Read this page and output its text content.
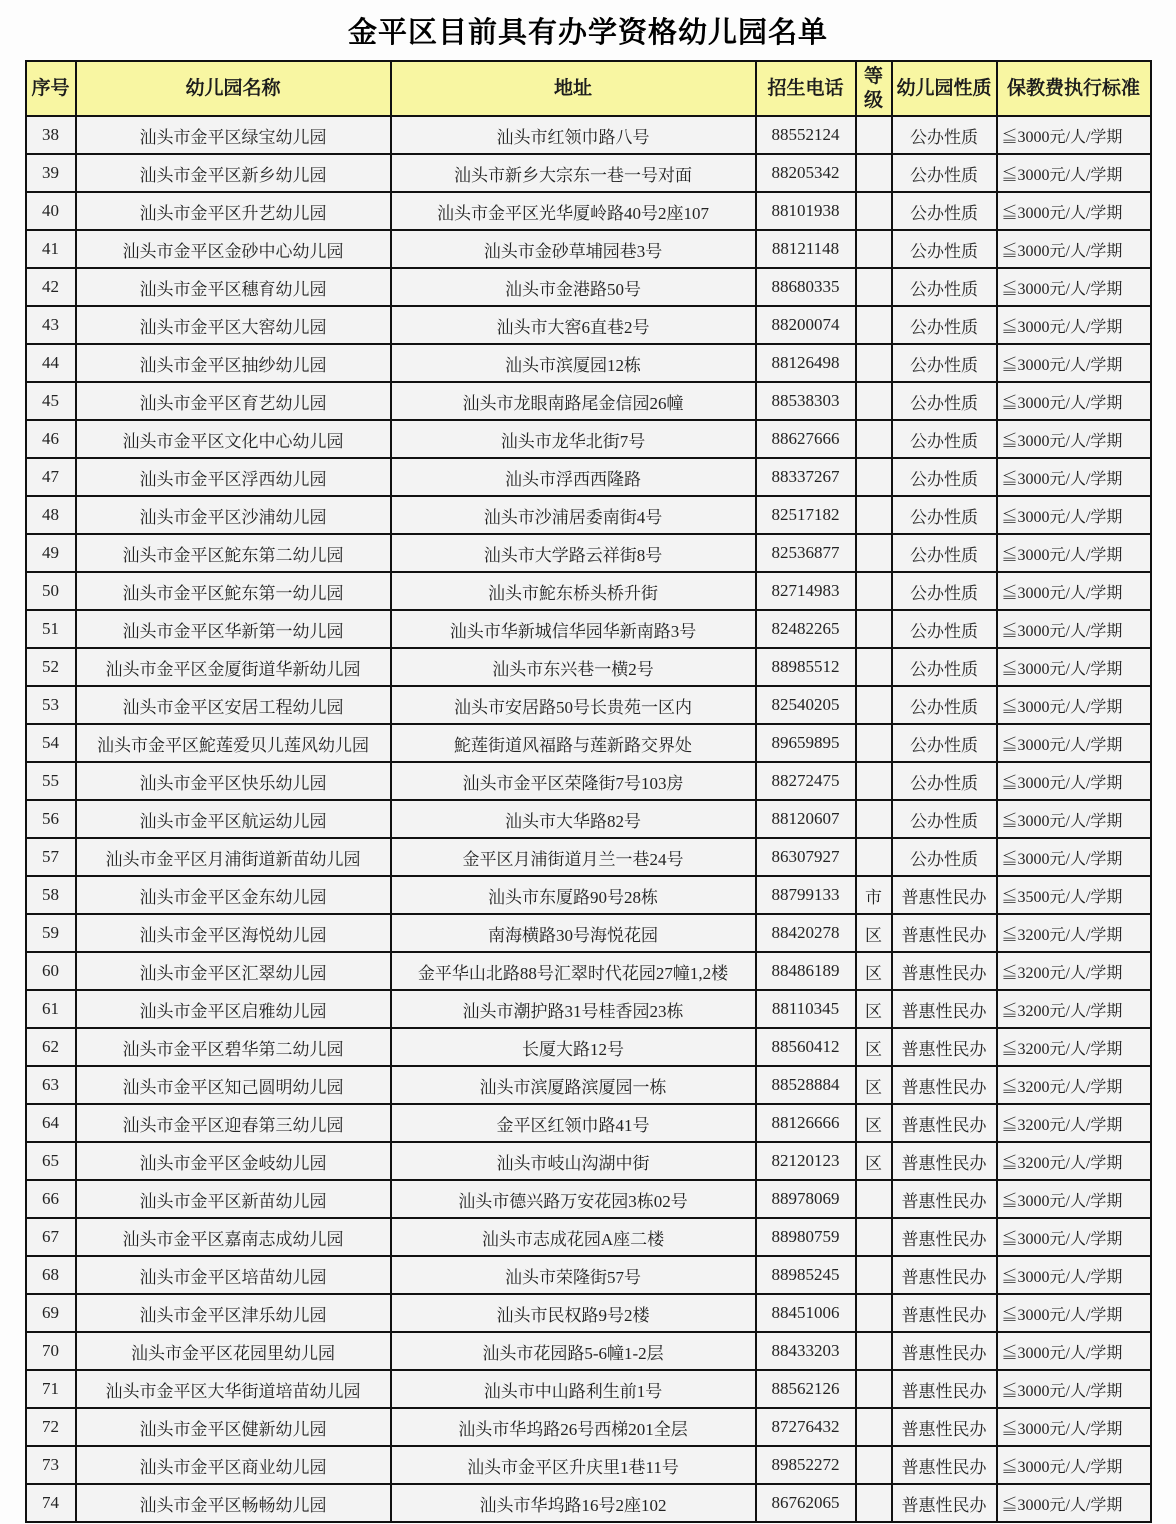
金平区目前具有办学资格幼儿园名单
序号	幼儿园名称	地址	招生电话	等级	幼儿园性质	保教费执行标准
38	汕头市金平区绿宝幼儿园	汕头市红领巾路八号	88552124		公办性质	≦3000元/人/学期
39	汕头市金平区新乡幼儿园	汕头市新乡大宗东一巷一号对面	88205342		公办性质	≦3000元/人/学期
40	汕头市金平区升艺幼儿园	汕头市金平区光华厦岭路40号2座107	88101938		公办性质	≦3000元/人/学期
41	汕头市金平区金砂中心幼儿园	汕头市金砂草埔园巷3号	88121148		公办性质	≦3000元/人/学期
42	汕头市金平区穗育幼儿园	汕头市金港路50号	88680335		公办性质	≦3000元/人/学期
43	汕头市金平区大窖幼儿园	汕头市大窖6直巷2号	88200074		公办性质	≦3000元/人/学期
44	汕头市金平区抽纱幼儿园	汕头市滨厦园12栋	88126498		公办性质	≦3000元/人/学期
45	汕头市金平区育艺幼儿园	汕头市龙眼南路尾金信园26幢	88538303		公办性质	≦3000元/人/学期
46	汕头市金平区文化中心幼儿园	汕头市龙华北街7号	88627666		公办性质	≦3000元/人/学期
47	汕头市金平区浮西幼儿园	汕头市浮西西隆路	88337267		公办性质	≦3000元/人/学期
48	汕头市金平区沙浦幼儿园	汕头市沙浦居委南街4号	82517182		公办性质	≦3000元/人/学期
49	汕头市金平区鮀东第二幼儿园	汕头市大学路云祥街8号	82536877		公办性质	≦3000元/人/学期
50	汕头市金平区鮀东第一幼儿园	汕头市鮀东桥头桥升街	82714983		公办性质	≦3000元/人/学期
51	汕头市金平区华新第一幼儿园	汕头市华新城信华园华新南路3号	82482265		公办性质	≦3000元/人/学期
52	汕头市金平区金厦街道华新幼儿园	汕头市东兴巷一横2号	88985512		公办性质	≦3000元/人/学期
53	汕头市金平区安居工程幼儿园	汕头市安居路50号长贵苑一区内	82540205		公办性质	≦3000元/人/学期
54	汕头市金平区鮀莲爱贝儿莲风幼儿园	鮀莲街道风福路与莲新路交界处	89659895		公办性质	≦3000元/人/学期
55	汕头市金平区快乐幼儿园	汕头市金平区荣隆街7号103房	88272475		公办性质	≦3000元/人/学期
56	汕头市金平区航运幼儿园	汕头市大华路82号	88120607		公办性质	≦3000元/人/学期
57	汕头市金平区月浦街道新苗幼儿园	金平区月浦街道月兰一巷24号	86307927		公办性质	≦3000元/人/学期
58	汕头市金平区金东幼儿园	汕头市东厦路90号28栋	88799133	市	普惠性民办	≦3500元/人/学期
59	汕头市金平区海悦幼儿园	南海横路30号海悦花园	88420278	区	普惠性民办	≦3200元/人/学期
60	汕头市金平区汇翠幼儿园	金平华山北路88号汇翠时代花园27幢1,2楼	88486189	区	普惠性民办	≦3200元/人/学期
61	汕头市金平区启雅幼儿园	汕头市潮护路31号桂香园23栋	88110345	区	普惠性民办	≦3200元/人/学期
62	汕头市金平区碧华第二幼儿园	长厦大路12号	88560412	区	普惠性民办	≦3200元/人/学期
63	汕头市金平区知己圆明幼儿园	汕头市滨厦路滨厦园一栋	88528884	区	普惠性民办	≦3200元/人/学期
64	汕头市金平区迎春第三幼儿园	金平区红领巾路41号	88126666	区	普惠性民办	≦3200元/人/学期
65	汕头市金平区金岐幼儿园	汕头市岐山沟湖中街	82120123	区	普惠性民办	≦3200元/人/学期
66	汕头市金平区新苗幼儿园	汕头市德兴路万安花园3栋02号	88978069		普惠性民办	≦3000元/人/学期
67	汕头市金平区嘉南志成幼儿园	汕头市志成花园A座二楼	88980759		普惠性民办	≦3000元/人/学期
68	汕头市金平区培苗幼儿园	汕头市荣隆街57号	88985245		普惠性民办	≦3000元/人/学期
69	汕头市金平区津乐幼儿园	汕头市民权路9号2楼	88451006		普惠性民办	≦3000元/人/学期
70	汕头市金平区花园里幼儿园	汕头市花园路5-6幢1-2层	88433203		普惠性民办	≦3000元/人/学期
71	汕头市金平区大华街道培苗幼儿园	汕头市中山路利生前1号	88562126		普惠性民办	≦3000元/人/学期
72	汕头市金平区健新幼儿园	汕头市华坞路26号西梯201全层	87276432		普惠性民办	≦3000元/人/学期
73	汕头市金平区商业幼儿园	汕头市金平区升庆里1巷11号	89852272		普惠性民办	≦3000元/人/学期
74	汕头市金平区畅畅幼儿园	汕头市华坞路16号2座102	86762065		普惠性民办	≦3000元/人/学期
